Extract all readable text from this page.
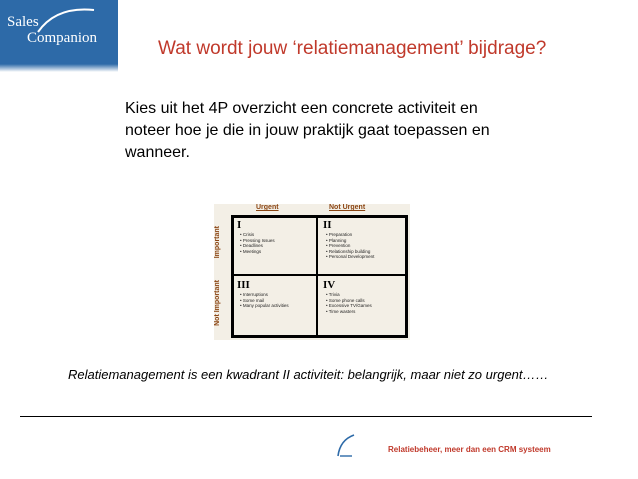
Sales
Companion	Wat wordt jouw ‘relatiemanagement’ bijdrage?
Kies uit het 4P overzicht een concrete activiteit en
noteer hoe je die in jouw praktijk gaat toepassen en
wanneer.
Urgent	Not Urgent
Important
Not Important
I
• Crisis
• Pressing Issues
• Deadlines
• Meetings
II
• Preparation
• Planning
• Prevention
• Relationship building
• Personal Development
III
• Interruptions
• Some mail
• Many popular activities
IV
• Trivia
• Some phone calls
• Excessive TV/Games
• Time wasters
Relatiemanagement is een kwadrant II activiteit: belangrijk, maar niet zo urgent……
Relatiebeheer, meer dan een CRM systeem
